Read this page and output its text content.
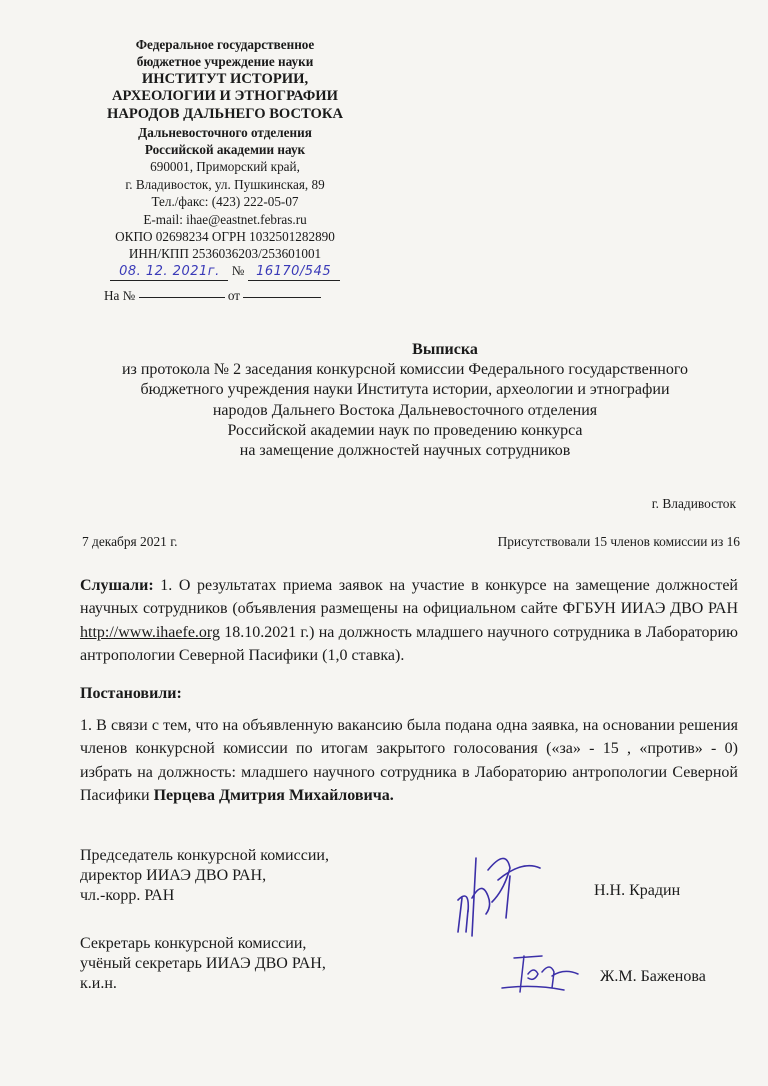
Федеральное государственное
бюджетное учреждение науки
ИНСТИТУТ ИСТОРИИ,
АРХЕОЛОГИИ И ЭТНОГРАФИИ
НАРОДОВ ДАЛЬНЕГО ВОСТОКА
Дальневосточного отделения
Российской академии наук
690001, Приморский край,
г. Владивосток, ул. Пушкинская, 89
Тел./факс: (423) 222-05-07
E-mail: ihae@eastnet.febras.ru
ОКПО 02698234 ОГРН 1032501282890
ИНН/КПП 2536036203/253601001
08. 12. 2021г. № 16170/545
На №	от
Выписка
из протокола № 2 заседания конкурсной комиссии Федерального государственного
бюджетного учреждения науки Института истории, археологии и этнографии
народов Дальнего Востока Дальневосточного отделения
Российской академии наук по проведению конкурса
на замещение должностей научных сотрудников
г. Владивосток
7 декабря 2021 г.	Присутствовали 15 членов комиссии из 16
Слушали: 1. О результатах приема заявок на участие в конкурсе на замещение должностей научных сотрудников (объявления размещены на официальном сайте ФГБУН ИИАЭ ДВО РАН http://www.ihaefe.org 18.10.2021 г.) на должность младшего научного сотрудника в Лабораторию антропологии Северной Пасифики (1,0 ставка).
Постановили:
1. В связи с тем, что на объявленную вакансию была подана одна заявка, на основании решения членов конкурсной комиссии по итогам закрытого голосования («за» - 15 , «против» - 0) избрать на должность: младшего научного сотрудника в Лабораторию антропологии Северной Пасифики Перцева Дмитрия Михайловича.
Председатель конкурсной комиссии,
директор ИИАЭ ДВО РАН,
чл.-корр. РАН	Н.Н. Крадин
Секретарь конкурсной комиссии,
учёный секретарь ИИАЭ ДВО РАН,
к.и.н.	Ж.М. Баженова
